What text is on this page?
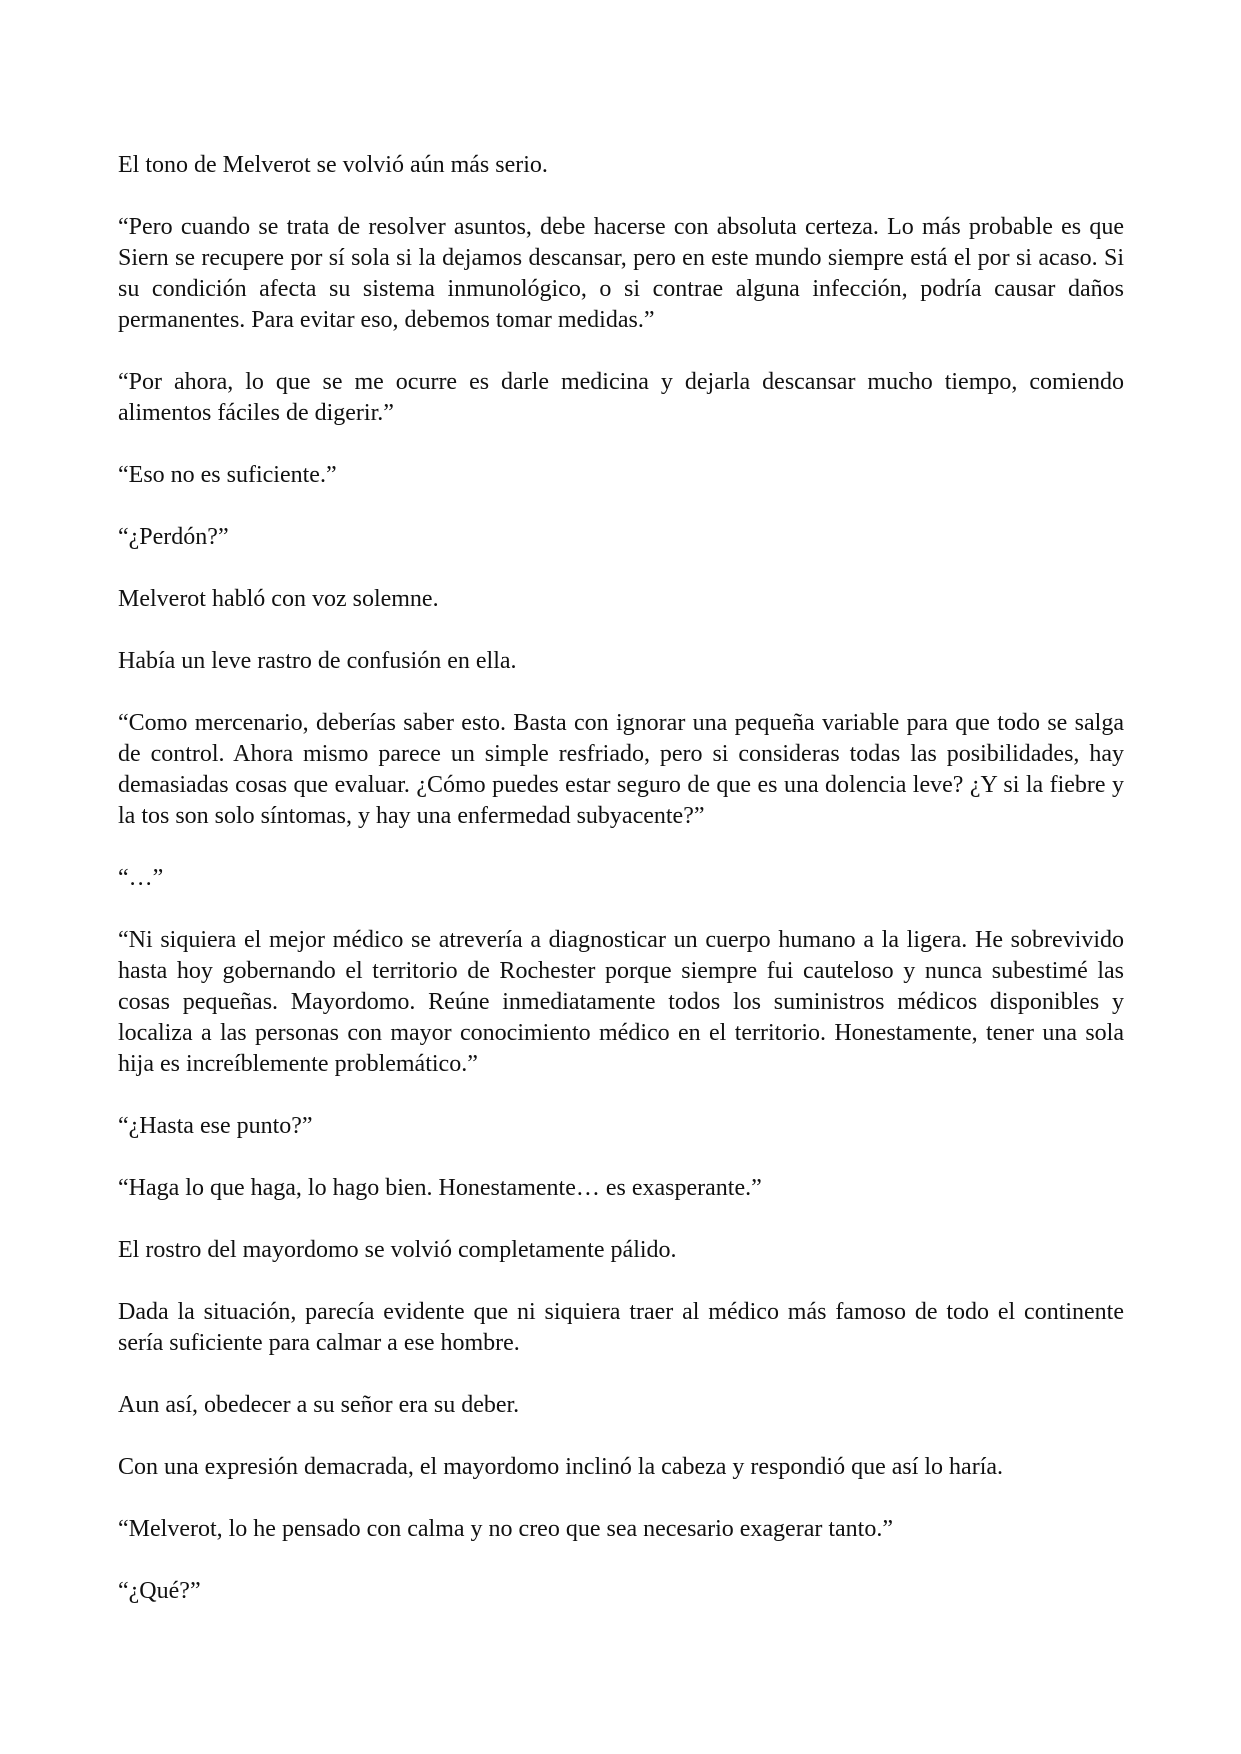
El tono de Melverot se volvió aún más serio.

“Pero cuando se trata de resolver asuntos, debe hacerse con absoluta certeza. Lo más probable es que Siern se recupere por sí sola si la dejamos descansar, pero en este mundo siempre está el por si acaso. Si su condición afecta su sistema inmunológico, o si contrae alguna infección, podría causar daños permanentes. Para evitar eso, debemos tomar medidas.”

“Por ahora, lo que se me ocurre es darle medicina y dejarla descansar mucho tiempo, comiendo alimentos fáciles de digerir.”

“Eso no es suficiente.”

“¿Perdón?”

Melverot habló con voz solemne.

Había un leve rastro de confusión en ella.

“Como mercenario, deberías saber esto. Basta con ignorar una pequeña variable para que todo se salga de control. Ahora mismo parece un simple resfriado, pero si consideras todas las posibilidades, hay demasiadas cosas que evaluar. ¿Cómo puedes estar seguro de que es una dolencia leve? ¿Y si la fiebre y la tos son solo síntomas, y hay una enfermedad subyacente?”

“…”

“Ni siquiera el mejor médico se atrevería a diagnosticar un cuerpo humano a la ligera. He sobrevivido hasta hoy gobernando el territorio de Rochester porque siempre fui cauteloso y nunca subestimé las cosas pequeñas. Mayordomo. Reúne inmediatamente todos los suministros médicos disponibles y localiza a las personas con mayor conocimiento médico en el territorio. Honestamente, tener una sola hija es increíblemente problemático.”

“¿Hasta ese punto?”

“Haga lo que haga, lo hago bien. Honestamente… es exasperante.”

El rostro del mayordomo se volvió completamente pálido.

Dada la situación, parecía evidente que ni siquiera traer al médico más famoso de todo el continente sería suficiente para calmar a ese hombre.

Aun así, obedecer a su señor era su deber.

Con una expresión demacrada, el mayordomo inclinó la cabeza y respondió que así lo haría.

“Melverot, lo he pensado con calma y no creo que sea necesario exagerar tanto.”

“¿Qué?”
